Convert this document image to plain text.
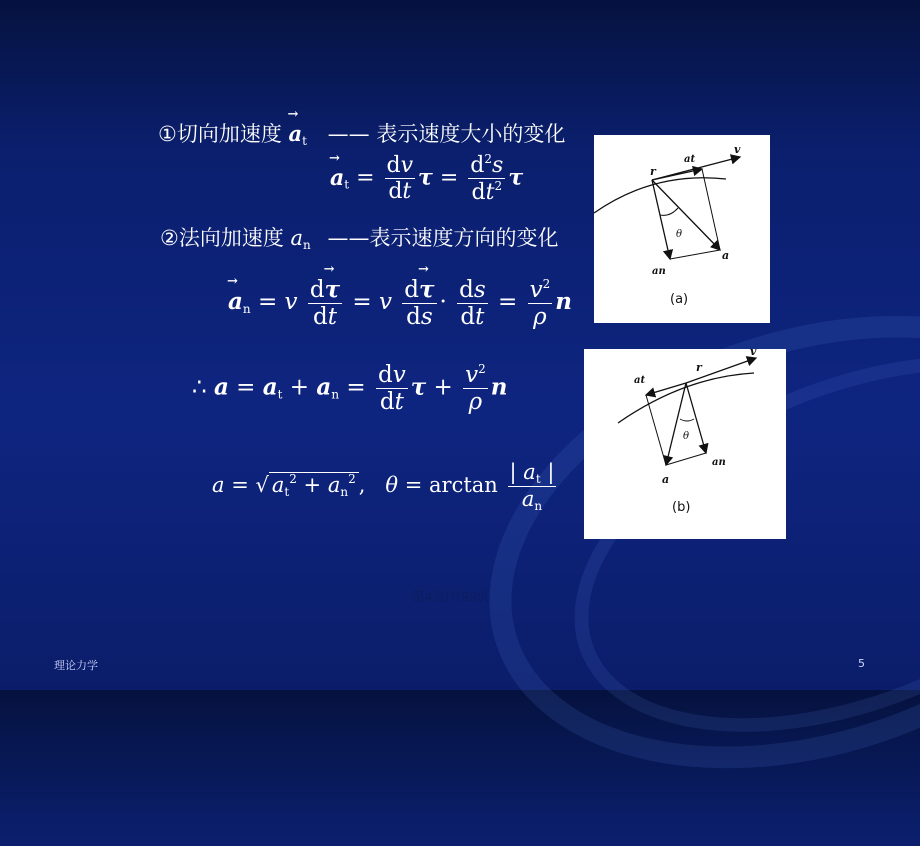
①切向加速度 → $a_t$ —— 表示速度大小的变化
→ $a_t = \frac{dv}{dt}$ $\tau = \frac{d^2s}{dt^2}$ τ
②法向加速度 $a_n$ ——表示速度方向的变化
→ $a_n = v \frac{d\to \tau}{dt} = v \frac{d\to \tau}{ds} \cdot \frac{ds}{dt} = \frac{v^2}{\rho}$ n
∴ $a = a_t + a_n = \frac{dv}{dt}$ $\tau + \frac{v^2}{\rho}$ n
a = √ $a_t^2 + a_n^2$ ,   $\theta = \arctan \frac{| a_t |}{a_n}$
r
at
v
θ
a
an
(a)
r
at
v
θ
a
an
(b)
第4页/共99页
理论力学	5
